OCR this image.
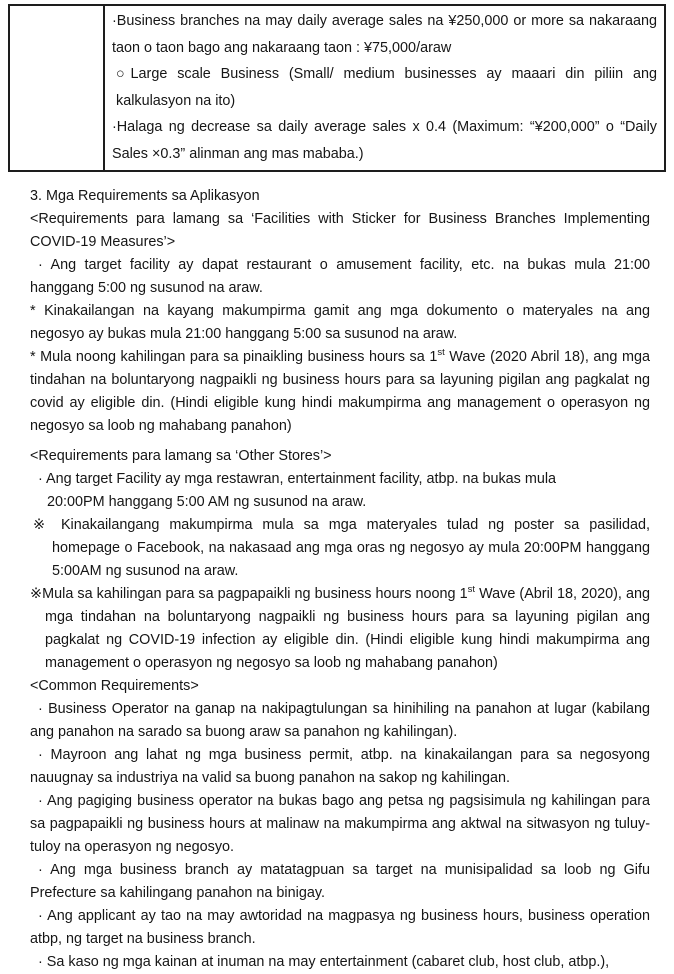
·Business branches na may daily average sales na ¥250,000 or more sa nakaraang taon o taon bago ang nakaraang taon : ¥75,000/araw
○Large scale Business (Small/ medium businesses ay maaari din piliin ang kalkulasyon na ito)
·Halaga ng decrease sa daily average sales x 0.4 (Maximum: “¥200,000” o “Daily Sales ×0.3” alinman ang mas mababa.)
3. Mga Requirements sa Aplikasyon
<Requirements para lamang sa ‘Facilities with Sticker for Business Branches Implementing COVID-19 Measures’>
· Ang target facility ay dapat restaurant o amusement facility, etc. na bukas mula 21:00 hanggang 5:00 ng susunod na araw.
* Kinakailangan na kayang makumpirma gamit ang mga dokumento o materyales na ang negosyo ay bukas mula 21:00 hanggang 5:00 sa susunod na araw.
* Mula noong kahilingan para sa pinaikling business hours sa 1st Wave (2020 Abril 18), ang mga tindahan na boluntaryong nagpaikli ng business hours para sa layuning pigilan ang pagkalat ng covid ay eligible din. (Hindi eligible kung hindi makumpirma ang management o operasyon ng negosyo sa loob ng mahabang panahon)
<Requirements para lamang sa ‘Other Stores’>
· Ang target Facility ay mga restawran, entertainment facility, atbp. na bukas mula
20:00PM hanggang 5:00 AM ng susunod na araw.
※ Kinakailangang makumpirma mula sa mga materyales tulad ng poster sa pasilidad, homepage o Facebook, na nakasaad ang mga oras ng negosyo ay mula 20:00PM hanggang 5:00AM ng susunod na araw.
※Mula sa kahilingan para sa pagpapaikli ng business hours noong 1st Wave (Abril 18, 2020), ang mga tindahan na boluntaryong nagpaikli ng business hours para sa layuning pigilan ang pagkalat ng COVID-19 infection ay eligible din. (Hindi eligible kung hindi makumpirma ang management o operasyon ng negosyo sa loob ng mahabang panahon)
<Common Requirements>
· Business Operator na ganap na nakipagtulungan sa hinihiling na panahon at lugar (kabilang ang panahon na sarado sa buong araw sa panahon ng kahilingan).
· Mayroon ang lahat ng mga business permit, atbp. na kinakailangan para sa negosyong nauugnay sa industriya na valid sa buong panahon na sakop ng kahilingan.
· Ang pagiging business operator na bukas bago ang petsa ng pagsisimula ng kahilingan para sa pagpapaikli ng business hours at malinaw na makumpirma ang aktwal na sitwasyon ng tuluy-tuloy na operasyon ng negosyo.
· Ang mga business branch ay matatagpuan sa target na munisipalidad sa loob ng Gifu Prefecture sa kahilingang panahon na binigay.
· Ang applicant ay tao na may awtoridad na magpasya ng business hours, business operation atbp, ng target na business branch.
· Sa kaso ng mga kainan at inuman na may entertainment (cabaret club, host club, atbp.),
